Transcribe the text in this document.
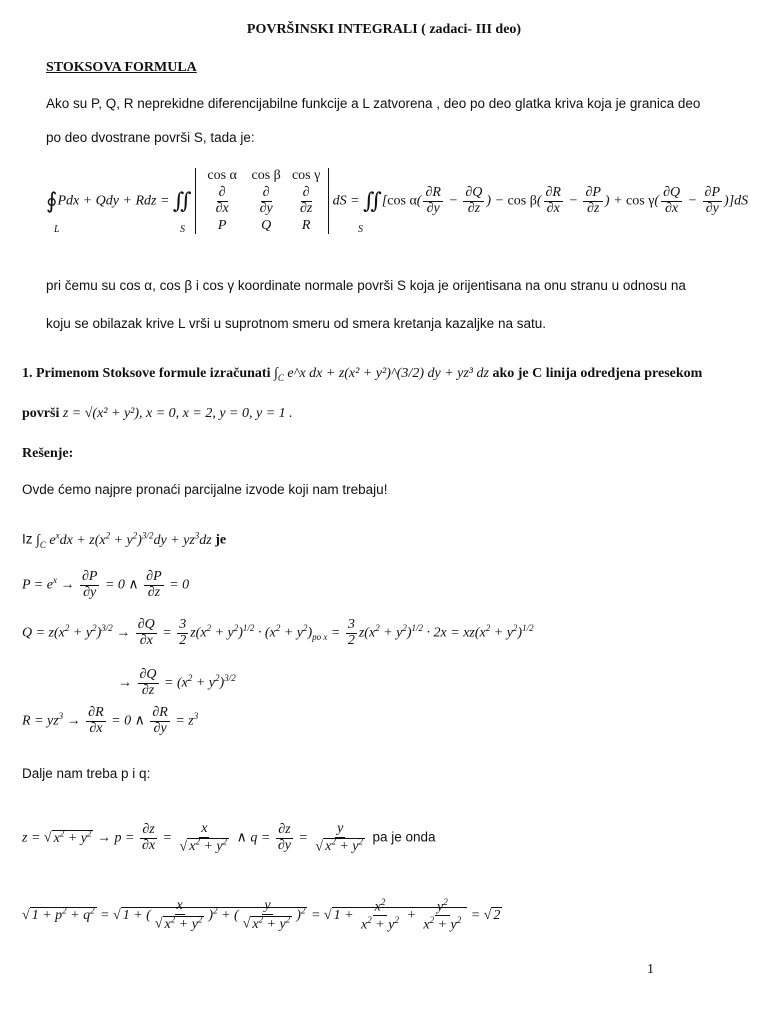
POVRŠINSKI INTEGRALI ( zadaci- III deo)
STOKSOVA FORMULA
Ako su P, Q, R neprekidne diferencijabilne funkcije a L zatvorena , deo po deo glatka kriva koja je granica deo
po deo dvostrane površi S, tada je:
∮Pdx + Qdy + Rdz = ∬
cos α	cos β cos γ
$\frac{\partial}{\partial x} \frac{\partial}{\partial y} \frac{\partial}{\partial z}$
P	Q	R
dS = ∬[cos $\alpha( \frac{\partial R}{\partial y} - \frac{\partial Q}{\partial z}$ ) − $\cos \beta( \frac{\partial R}{\partial x} - \frac{\partial P}{\partial z}$ ) + $\cos \gamma( \frac{\partial Q}{\partial x} - \frac{\partial P}{\partial y} )]dS$
L	S	S
pri čemu su cos α, cos β i cos γ koordinate normale površi S koja je orijentisana na onu stranu u odnosu na
koju se obilazak krive L vrši u suprotnom smeru od smera kretanja kazaljke na satu.
1. Primenom Stoksove formule izračunati $\int_C$ e^x dx + z(x² + y²)^(3/2) dy + yz³ dz ako je C linija odredjena presekom
površi z = √(x² + y²), x = 0, x = 2, y = 0, y = 1 .
Rešenje:
Ovde ćemo najpre pronaći parcijalne izvode koji nam trebaju!
Iz $\int_C$ $e^xdx + z(x^2 + y^2)^{3/2}dy + yz^3dz$ je
$P = e^x \to \frac{\partial P}{\partial y} = 0$ ∧ $\frac{\partial P}{\partial z} = 0$
$Q = z(x^2 + y^2)^{3/2} \to \frac{\partial Q}{\partial x} = \frac{3}{2} z(x^2 + y^2)^{1/2} \cdot (x^2 + y^2)_{po x} = \frac{3}{2} z(x^2 + y^2)^{1/2} \cdot 2x = xz(x^2 + y^2)^{1/2}$
→ $\frac{\partial Q}{\partial z} = (x^2 + y^2)^{3/2}$
$R = yz^3 \to \frac{\partial R}{\partial x} = 0$ ∧ $\frac{\partial R}{\partial y} = z^3$
Dalje nam treba p i q:
z = √ $x^2 + y^2 \to p = \frac{\partial z}{\partial x} = \frac{x}{√ x^2 + y^2}$ ∧ $q = \frac{\partial z}{\partial y} = \frac{y}{√ x^2 + y^2}$ pa je onda
√ $1 + p^2 + q^2$ = √ 1 + ( $\frac{x}{√ x^2 + y^2} )^2$ + ( $\frac{y}{√ x^2 + y^2} )^2$ = √ $1 + \frac{x^2}{x^2 + y^2} + \frac{y^2}{x^2 + y^2}$ = √ 2
1
